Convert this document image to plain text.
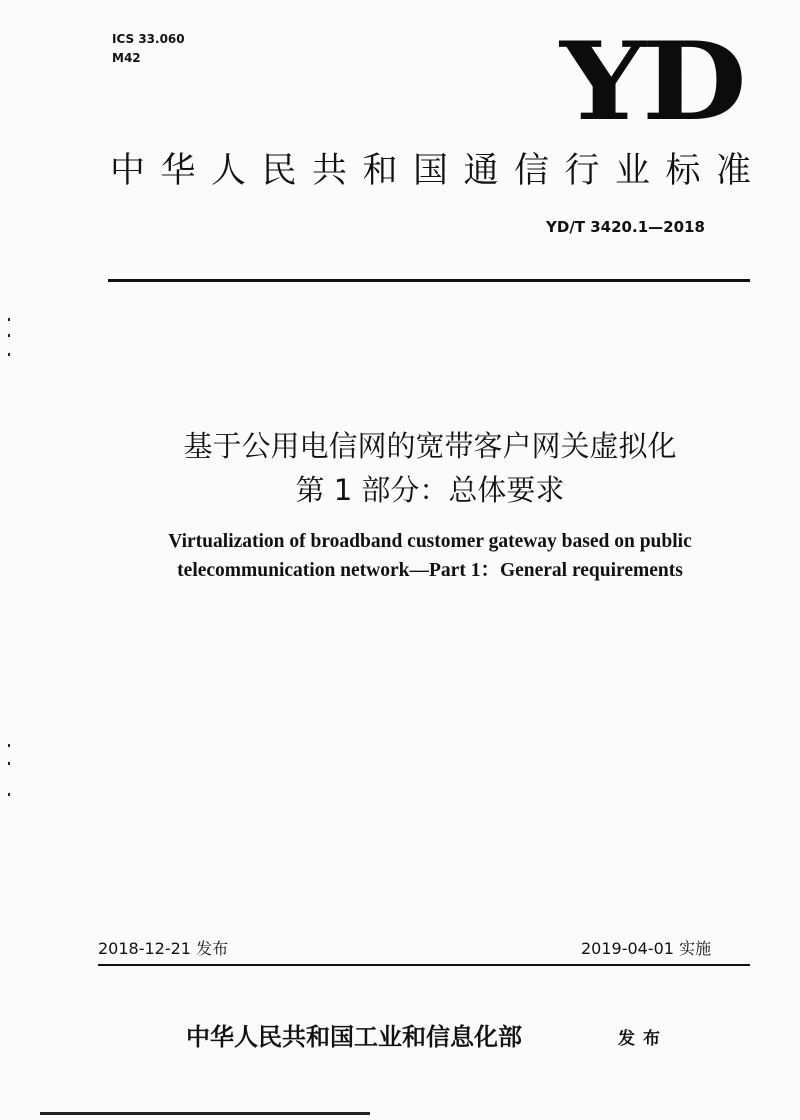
ICS 33.060
M42	YD
中华人民共和国通信行业标准
YD/T 3420.1—2018
基于公用电信网的宽带客户网关虚拟化
第 1 部分：总体要求
Virtualization of broadband customer gateway based on public
telecommunication network—Part 1：General requirements
2018-12-21 发布	2019-04-01 实施
中华人民共和国工业和信息化部	发布
